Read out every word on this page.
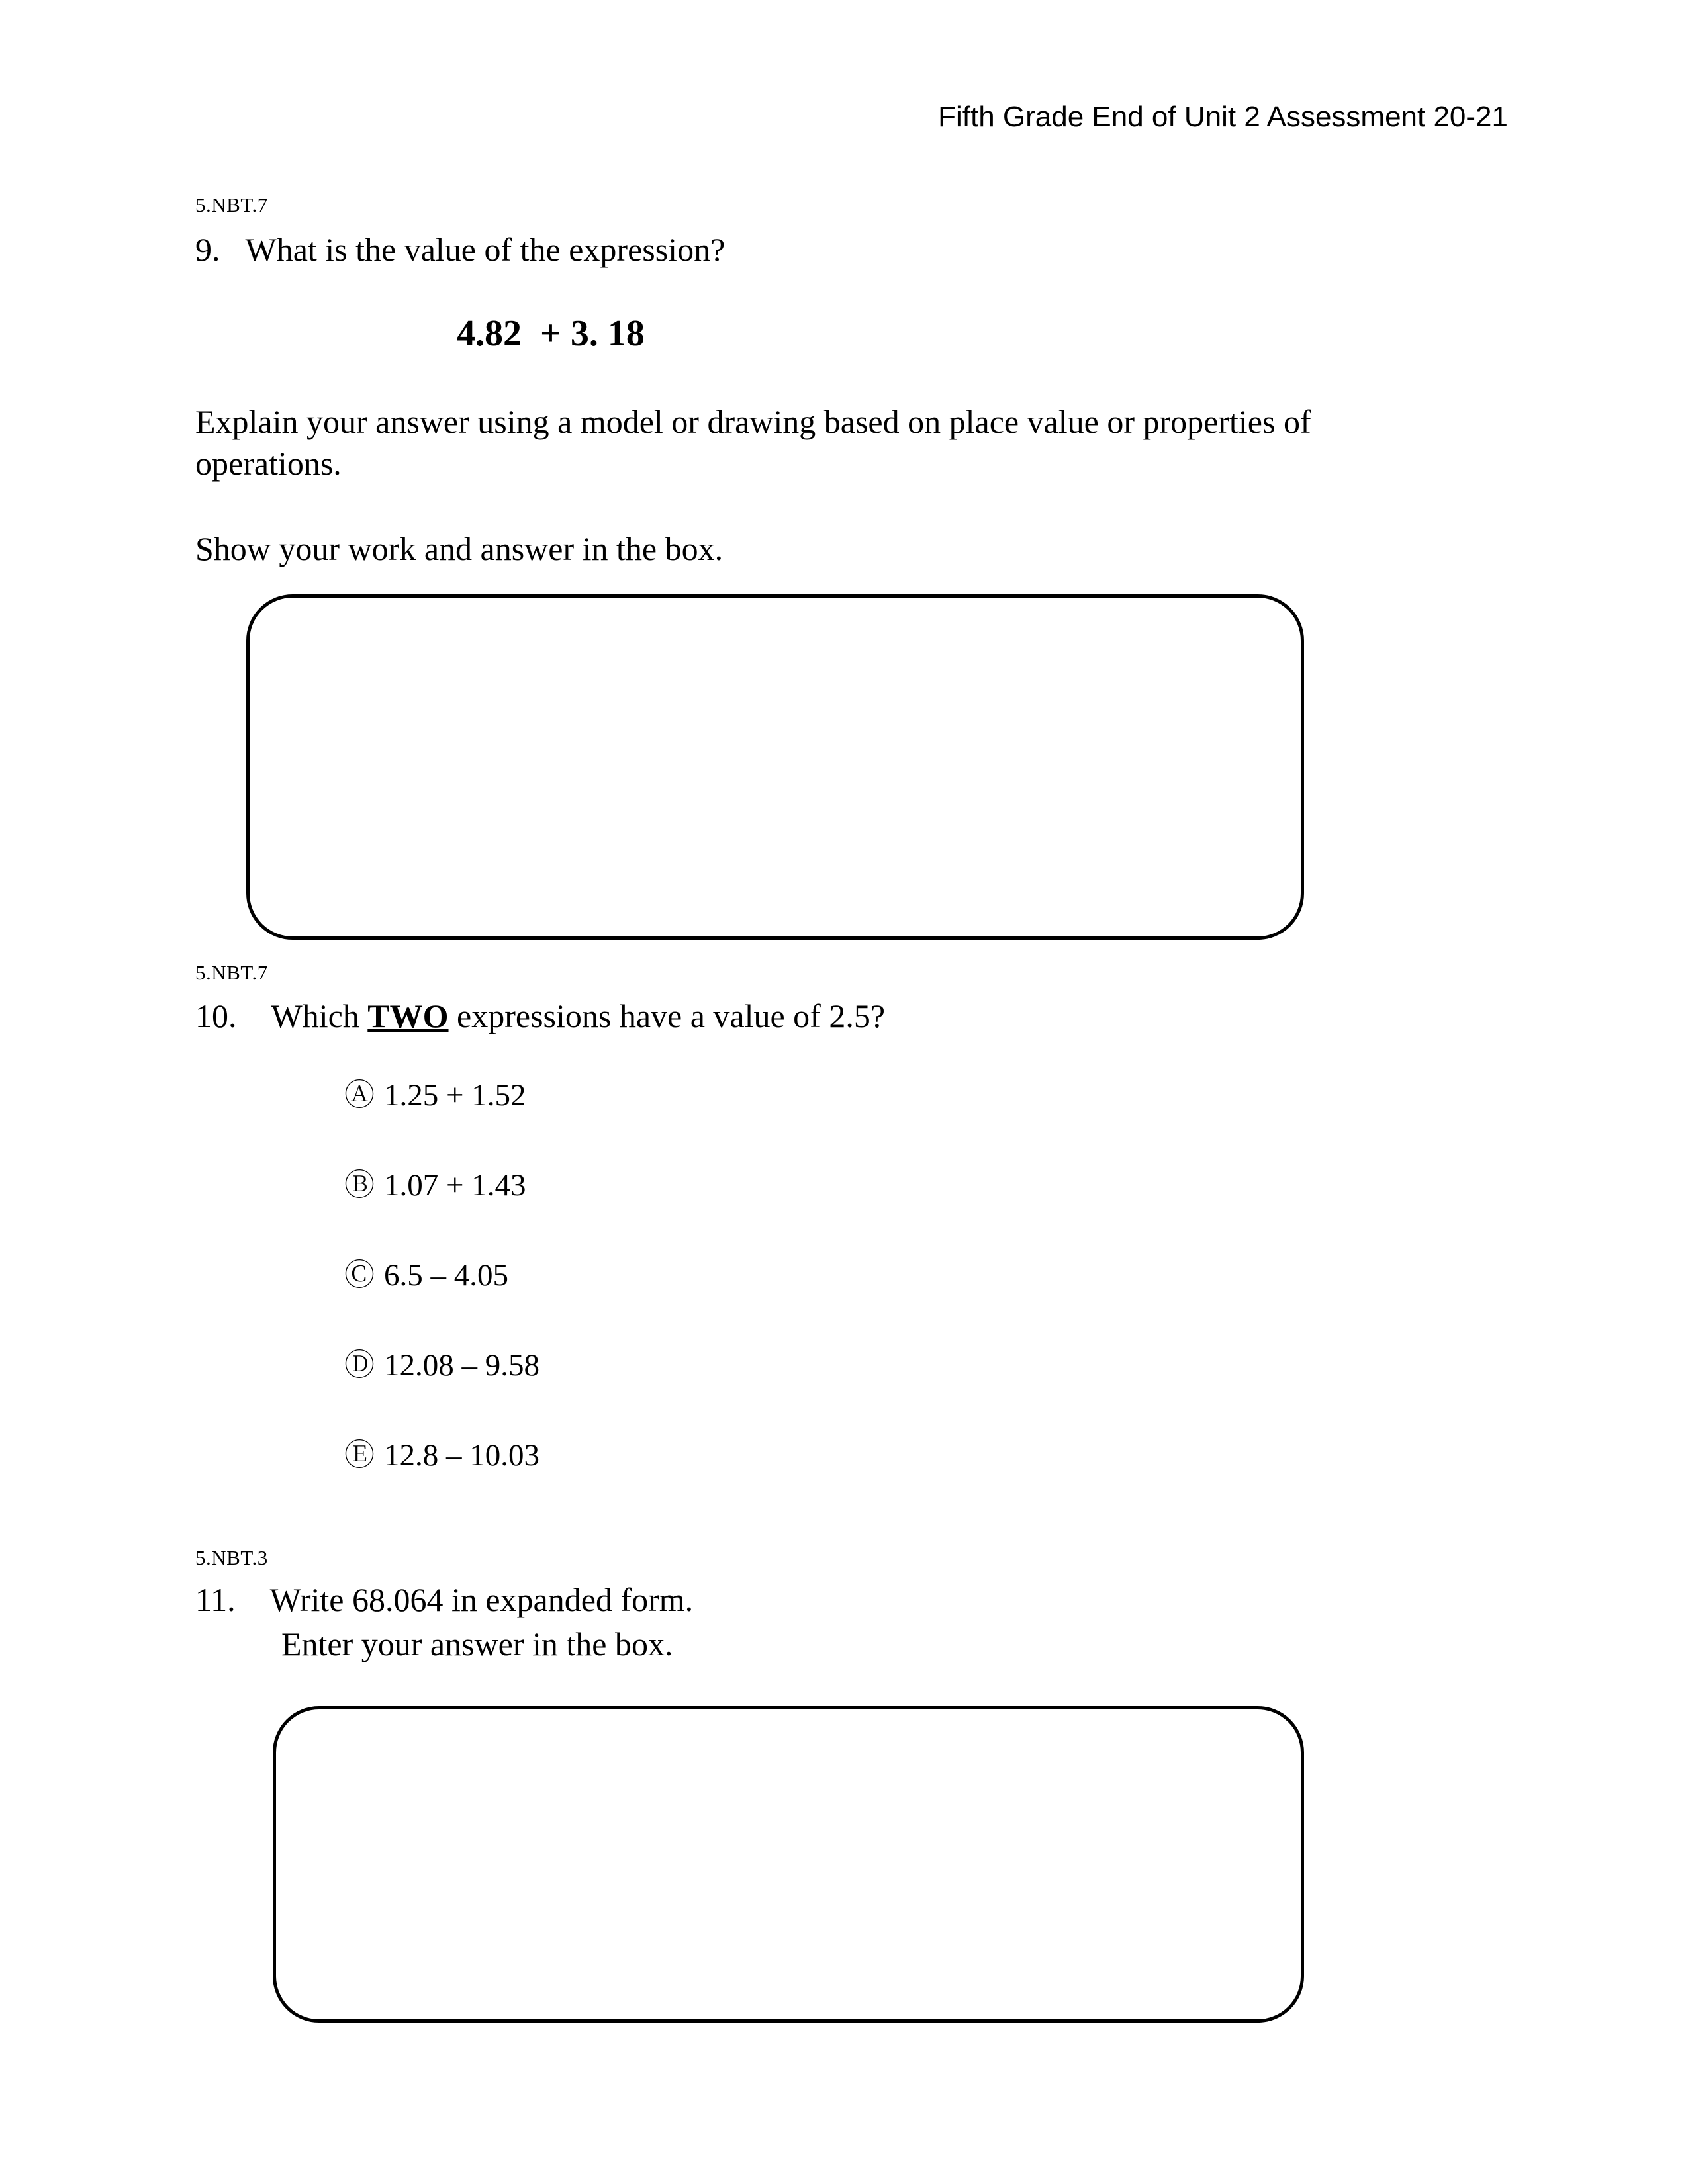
Fifth Grade End of Unit 2 Assessment 20-21
5.NBT.7
9. What is the value of the expression?
4.82  + 3. 18
Explain your answer using a model or drawing based on place value or properties of operations.
Show your work and answer in the box.
5.NBT.7
10. Which TWO expressions have a value of 2.5?
Ⓐ 1.25 + 1.52
Ⓑ 1.07 + 1.43
Ⓒ 6.5 – 4.05
Ⓓ 12.08 – 9.58
Ⓔ 12.8 – 10.03
5.NBT.3
11. Write 68.064 in expanded form.
Enter your answer in the box.
